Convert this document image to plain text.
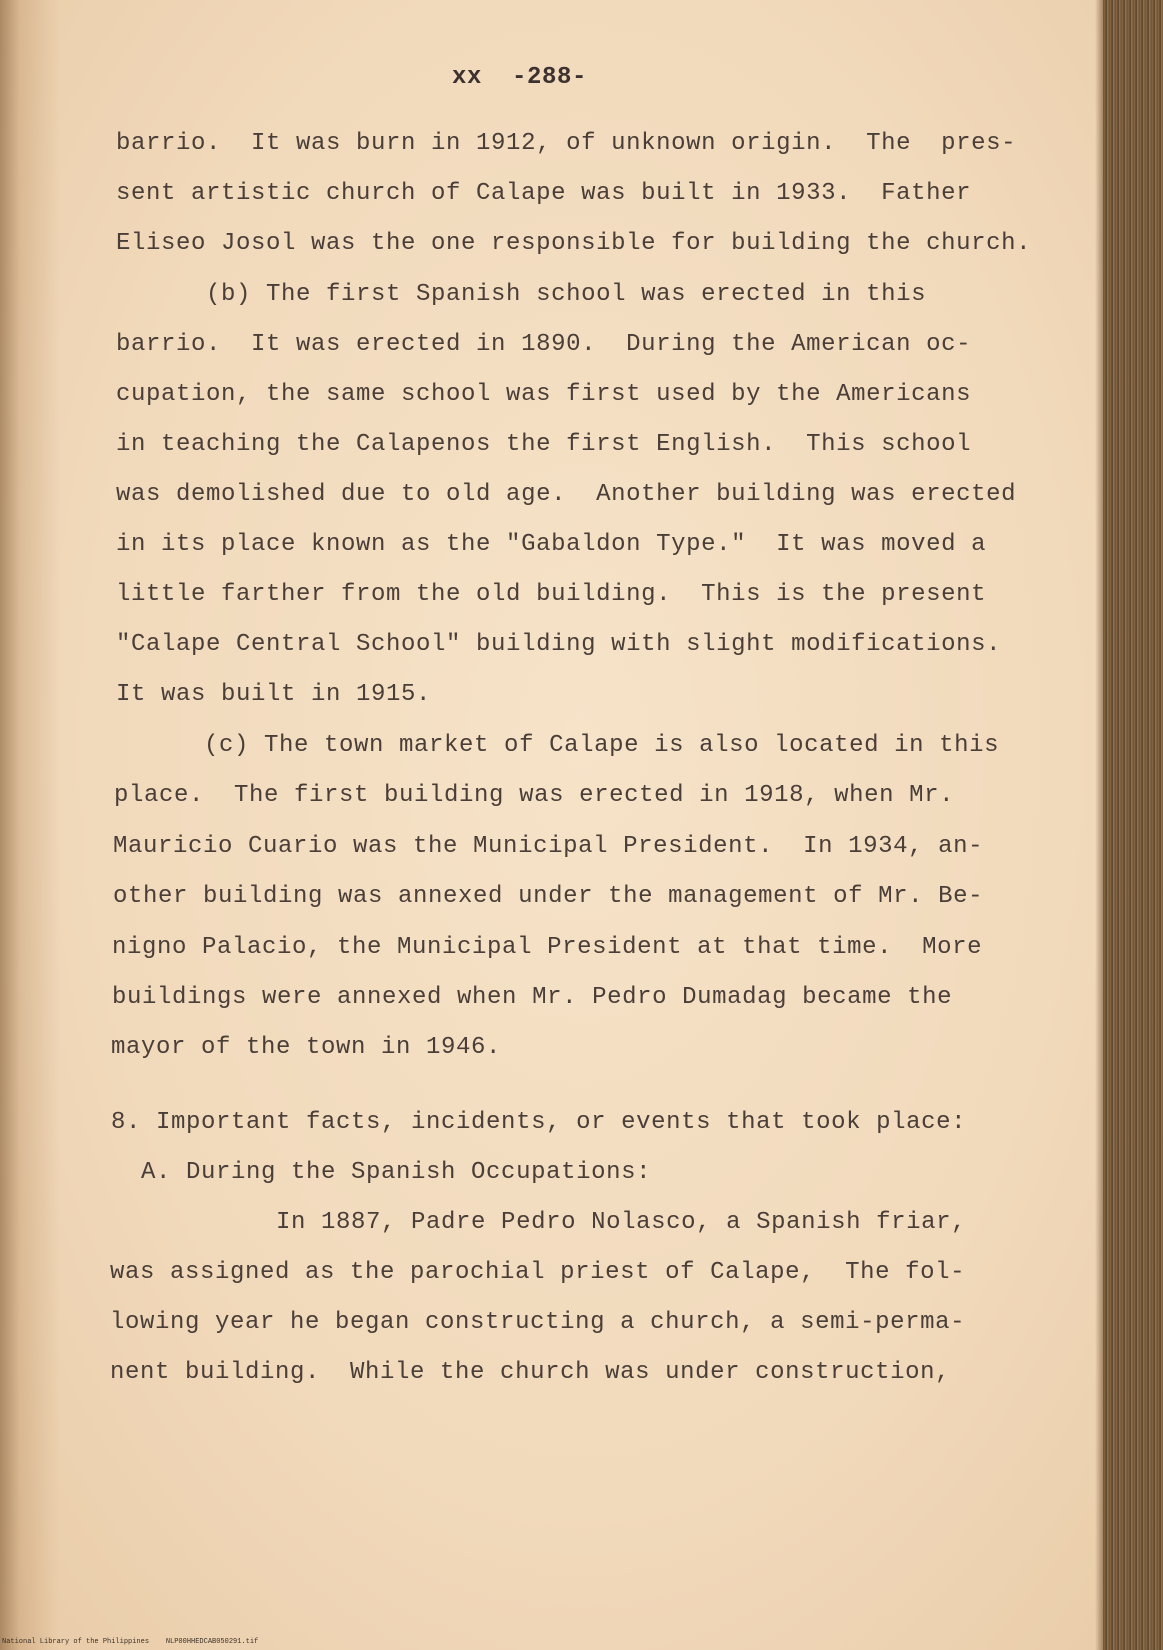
xx  -288-

barrio.  It was burn in 1912, of unknown origin.  The  pres-

sent artistic church of Calape was built in 1933.  Father

Eliseo Josol was the one responsible for building the church.

(b) The first Spanish school was erected in this

barrio.  It was erected in 1890.  During the American oc-

cupation, the same school was first used by the Americans

in teaching the Calapenos the first English.  This school

was demolished due to old age.  Another building was erected

in its place known as the "Gabaldon Type."  It was moved a

little farther from the old building.  This is the present

"Calape Central School" building with slight modifications.

It was built in 1915.

(c) The town market of Calape is also located in this

place.  The first building was erected in 1918, when Mr.

Mauricio Cuario was the Municipal President.  In 1934, an-

other building was annexed under the management of Mr. Be-

nigno Palacio, the Municipal President at that time.  More

buildings were annexed when Mr. Pedro Dumadag became the

mayor of the town in 1946.

8. Important facts, incidents, or events that took place:

A. During the Spanish Occupations:

In 1887, Padre Pedro Nolasco, a Spanish friar,

was assigned as the parochial priest of Calape,  The fol-

lowing year he began constructing a church, a semi-perma-

nent building.  While the church was under construction,

National Library of the Philippines    NLP00HHEDCAB050291.tif
